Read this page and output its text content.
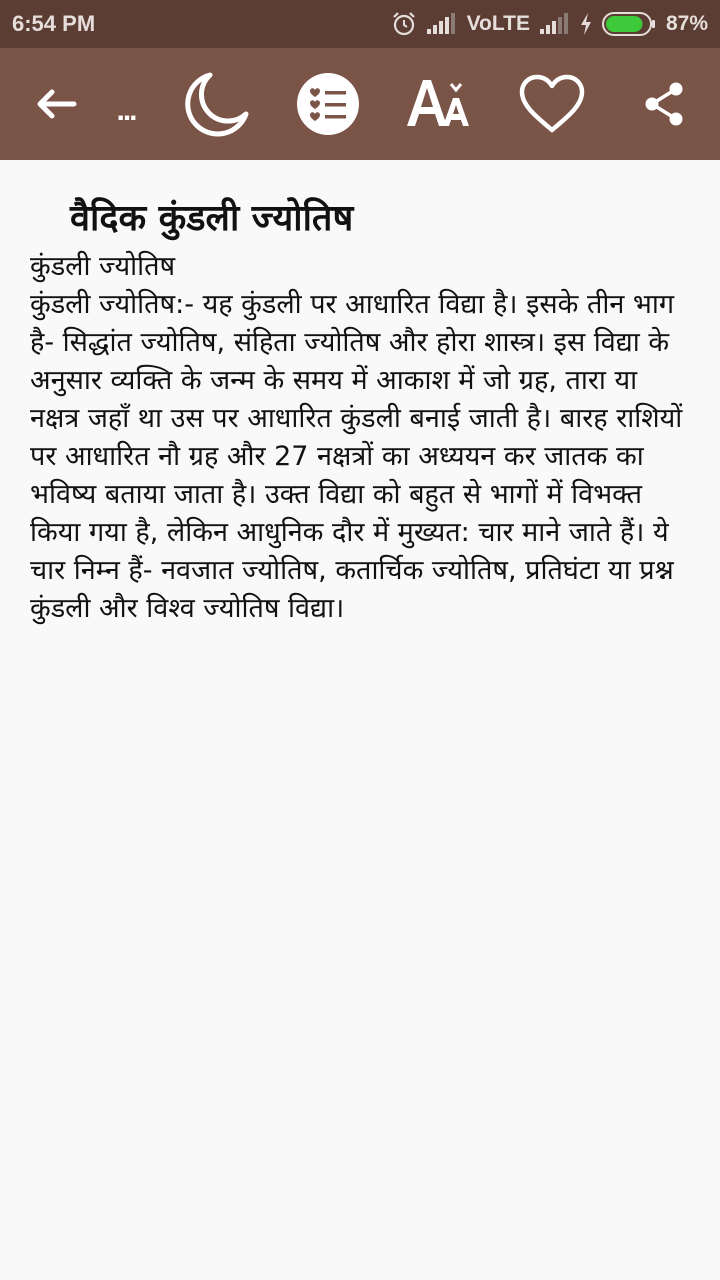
6:54 PM	VoLTE	87%
...
वैदिक कुंडली ज्योतिष
कुंडली ज्योतिष

कुंडली ज्योतिष:- यह कुंडली पर आधारित विद्या है। इसके तीन भाग है- सिद्धांत ज्योतिष, संहिता ज्योतिष और होरा शास्त्र। इस विद्या के अनुसार व्यक्ति के जन्म के समय में आकाश में जो ग्रह, तारा या नक्षत्र जहाँ था उस पर आधारित कुंडली बनाई जाती है। बारह राशियों पर आधारित नौ ग्रह और 27 नक्षत्रों का अध्ययन कर जातक का भविष्य बताया जाता है। उक्त विद्या को बहुत से भागों में विभक्त किया गया है, लेकिन आधुनिक दौर में मुख्यत: चार माने जाते हैं। ये चार निम्न हैं- नवजात ज्योतिष, कतार्चिक ज्योतिष, प्रतिघंटा या प्रश्न कुंडली और विश्व ज्योतिष विद्या।
